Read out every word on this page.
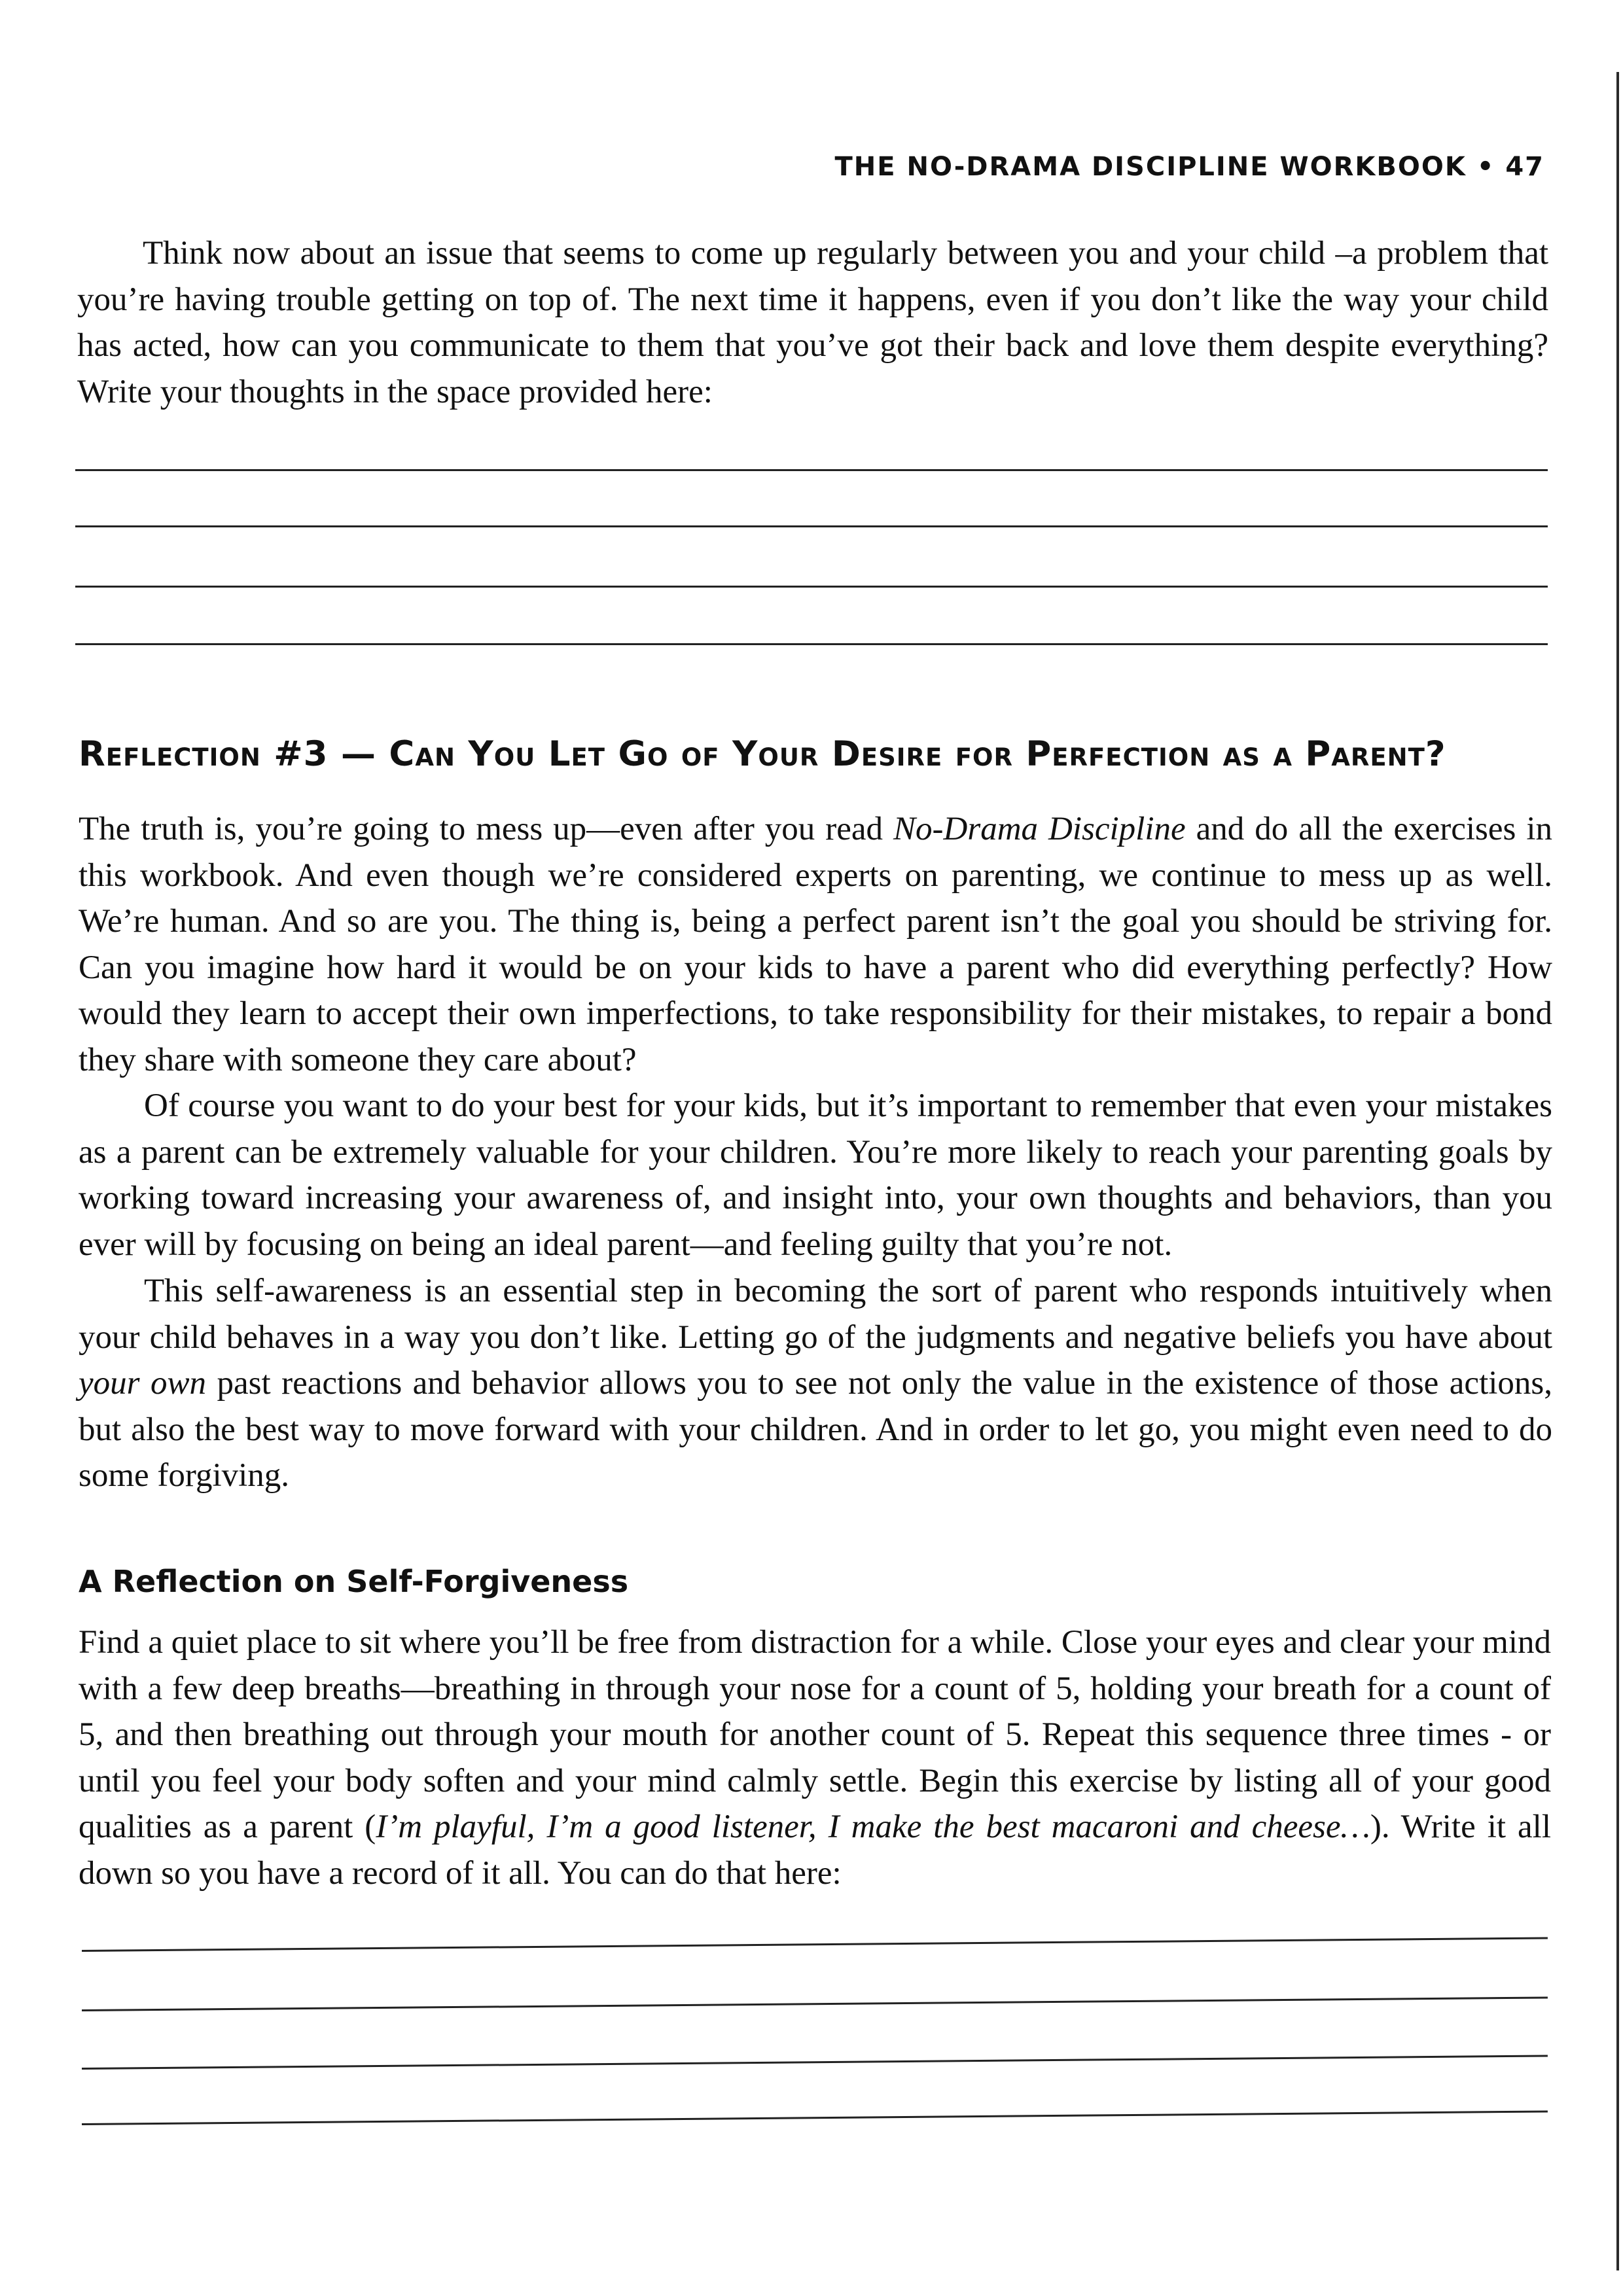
THE NO-DRAMA DISCIPLINE WORKBOOK • 47

Think now about an issue that seems to come up regularly between you and your child –a problem that you’re having trouble getting on top of. The next time it happens, even if you don’t like the way your child has acted, how can you communicate to them that you’ve got their back and love them despite everything? Write your thoughts in the space provided here:

Reflection #3 — Can You Let Go of Your Desire for Perfection as a Parent?

The truth is, you’re going to mess up—even after you read No-Drama Discipline and do all the exercises in this workbook. And even though we’re considered experts on parenting, we continue to mess up as well. We’re human. And so are you. The thing is, being a perfect parent isn’t the goal you should be striving for. Can you imagine how hard it would be on your kids to have a parent who did everything perfectly? How would they learn to accept their own imperfections, to take responsibility for their mistakes, to repair a bond they share with someone they care about?

Of course you want to do your best for your kids, but it’s important to remember that even your mistakes as a parent can be extremely valuable for your children. You’re more likely to reach your parenting goals by working toward increasing your awareness of, and insight into, your own thoughts and behaviors, than you ever will by focusing on being an ideal parent—and feeling guilty that you’re not.

This self-awareness is an essential step in becoming the sort of parent who responds intuitively when your child behaves in a way you don’t like. Letting go of the judgments and negative beliefs you have about your own past reactions and behavior allows you to see not only the value in the existence of those actions, but also the best way to move forward with your children. And in order to let go, you might even need to do some forgiving.

A Reflection on Self-Forgiveness

Find a quiet place to sit where you’ll be free from distraction for a while. Close your eyes and clear your mind with a few deep breaths—breathing in through your nose for a count of 5, holding your breath for a count of 5, and then breathing out through your mouth for another count of 5. Repeat this sequence three times - or until you feel your body soften and your mind calmly settle. Begin this exercise by listing all of your good qualities as a parent (I’m playful, I’m a good listener, I make the best macaroni and cheese…). Write it all down so you have a record of it all. You can do that here:
